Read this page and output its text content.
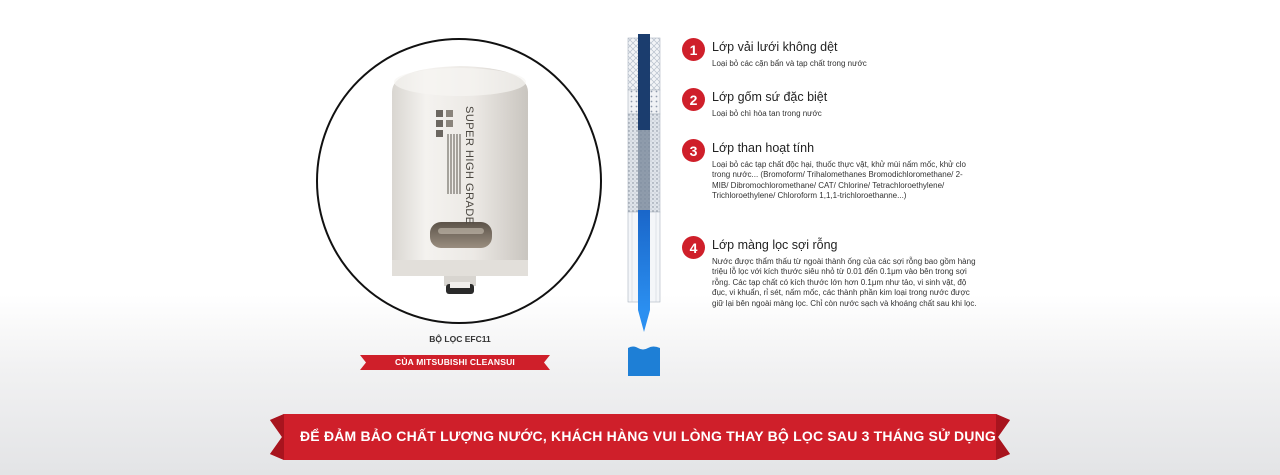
SUPER HIGH GRADE
BỘ LỌC EFC11
CỦA MITSUBISHI CLEANSUI
1	Lớp vải lưới không dệt
Loại bỏ các cặn bẩn và tạp chất trong nước
2	Lớp gốm sứ đặc biệt
Loại bỏ chì hòa tan trong nước
3	Lớp than hoạt tính
Loại bỏ các tạp chất độc hại, thuốc thực vật, khử mùi nấm mốc, khử clo trong nước... (Bromoform/ Trihalomethanes Bromodichloromethane/ 2-MIB/ Dibromochloromethane/ CAT/ Chlorine/ Tetrachloroethylene/ Trichloroethylene/ Chloroform 1,1,1-trichloroethanne...)
4	Lớp màng lọc sợi rỗng
Nước được thẩm thấu từ ngoài thành ống của các sợi rỗng bao gồm hàng triệu lỗ lọc với kích thước siêu nhỏ từ 0.01 đến 0.1μm vào bên trong sợi rỗng. Các tạp chất có kích thước lớn hơn 0.1μm như tảo, vi sinh vật, độ đục, vi khuẩn, rỉ sét, nấm mốc, các thành phần kim loại trong nước được giữ lại bên ngoài màng lọc. Chỉ còn nước sạch và khoáng chất sau khi lọc.
ĐỂ ĐẢM BẢO CHẤT LƯỢNG NƯỚC, KHÁCH HÀNG VUI LÒNG THAY BỘ LỌC SAU 3 THÁNG SỬ DỤNG
